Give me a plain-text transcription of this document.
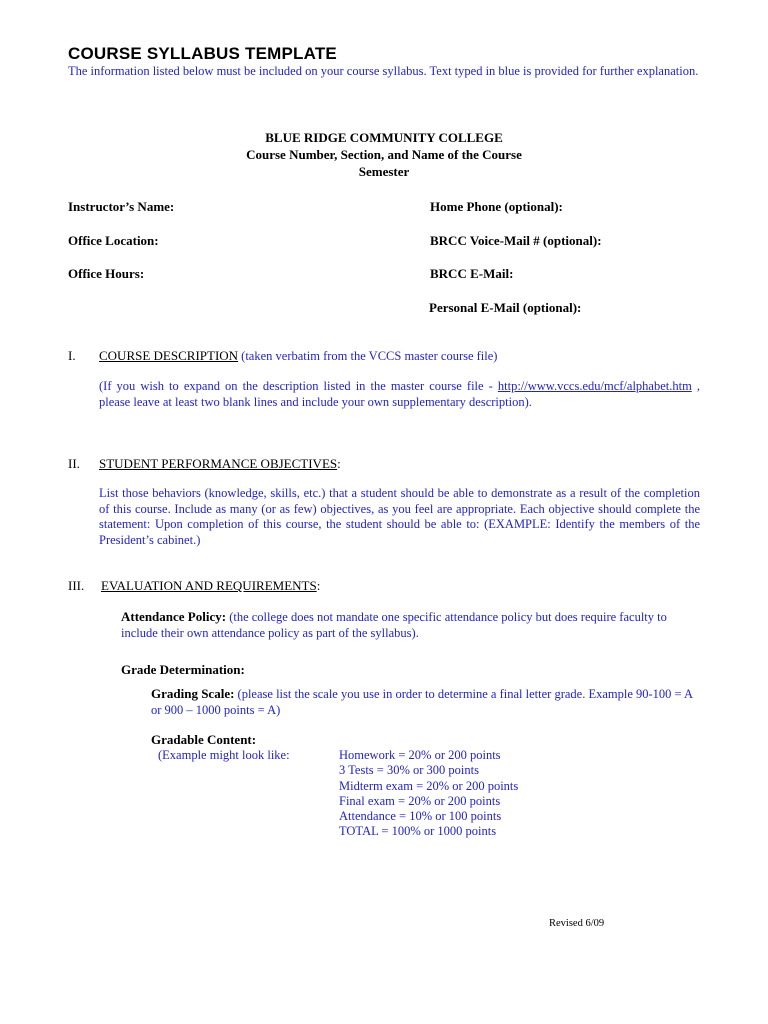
COURSE SYLLABUS TEMPLATE
The information listed below must be included on your course syllabus. Text typed in blue is provided for further explanation.
BLUE RIDGE COMMUNITY COLLEGE
Course Number, Section, and Name of the Course
Semester
Instructor’s Name:	Home Phone (optional):
Office Location:	BRCC Voice-Mail # (optional):
Office Hours:	BRCC E-Mail:
Personal E-Mail (optional):
I. COURSE DESCRIPTION (taken verbatim from the VCCS master course file)
(If you wish to expand on the description listed in the master course file - http://www.vccs.edu/mcf/alphabet.htm , please leave at least two blank lines and include your own supplementary description).
II. STUDENT PERFORMANCE OBJECTIVES:
List those behaviors (knowledge, skills, etc.) that a student should be able to demonstrate as a result of the completion of this course. Include as many (or as few) objectives, as you feel are appropriate. Each objective should complete the statement: Upon completion of this course, the student should be able to: (EXAMPLE: Identify the members of the President’s cabinet.)
III. EVALUATION AND REQUIREMENTS:
Attendance Policy: (the college does not mandate one specific attendance policy but does require faculty to include their own attendance policy as part of the syllabus).
Grade Determination:
Grading Scale: (please list the scale you use in order to determine a final letter grade. Example 90-100 = A or 900 – 1000 points = A)
Gradable Content:
(Example might look like:	Homework = 20% or 200 points
3 Tests = 30% or 300 points
Midterm exam = 20% or 200 points
Final exam = 20% or 200 points
Attendance = 10% or 100 points
TOTAL = 100% or 1000 points
Revised 6/09
